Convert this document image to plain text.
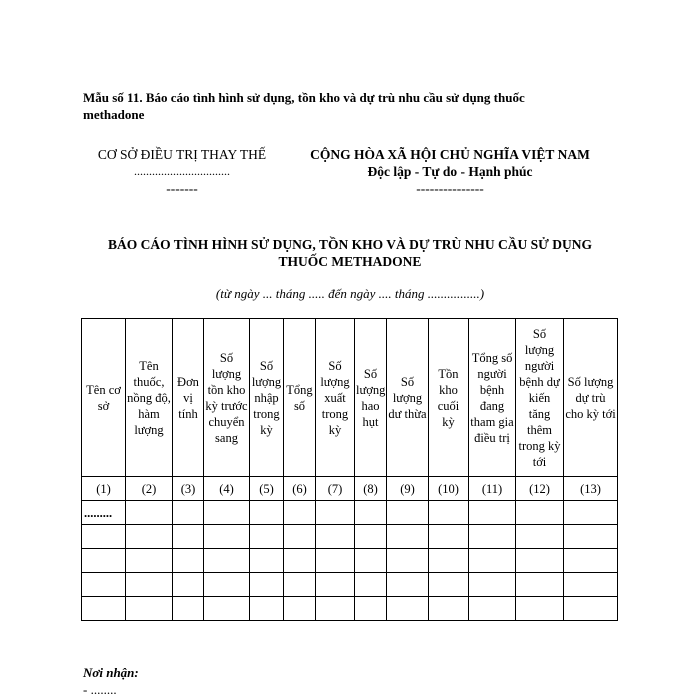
Mẫu số 11. Báo cáo tình hình sử dụng, tồn kho và dự trù nhu cầu sử dụng thuốc methadone
CƠ SỞ ĐIỀU TRỊ THAY THẾ
................................
-------
CỘNG HÒA XÃ HỘI CHỦ NGHĨA VIỆT NAM
Độc lập - Tự do - Hạnh phúc
---------------
BÁO CÁO TÌNH HÌNH SỬ DỤNG, TỒN KHO VÀ DỰ TRÙ NHU CẦU SỬ DỤNG THUỐC METHADONE
(từ ngày ... tháng ..... đến ngày .... tháng ................)
Tên cơ sở	Tên thuốc, nồng độ, hàm lượng	Đơn vị tính	Số lượng tồn kho kỳ trước chuyển sang	Số lượng nhập trong kỳ	Tổng số	Số lượng xuất trong kỳ	Số lượng hao hụt	Số lượng dư thừa	Tồn kho cuối kỳ	Tổng số người bệnh đang tham gia điều trị	Số lượng người bệnh dự kiến tăng thêm trong kỳ tới	Số lượng dự trù cho kỳ tới
(1)	(2)	(3)	(4)	(5)	(6)	(7)	(8)	(9)	(10)	(11)	(12)	(13)
.........												

Nơi nhận:
- ........
